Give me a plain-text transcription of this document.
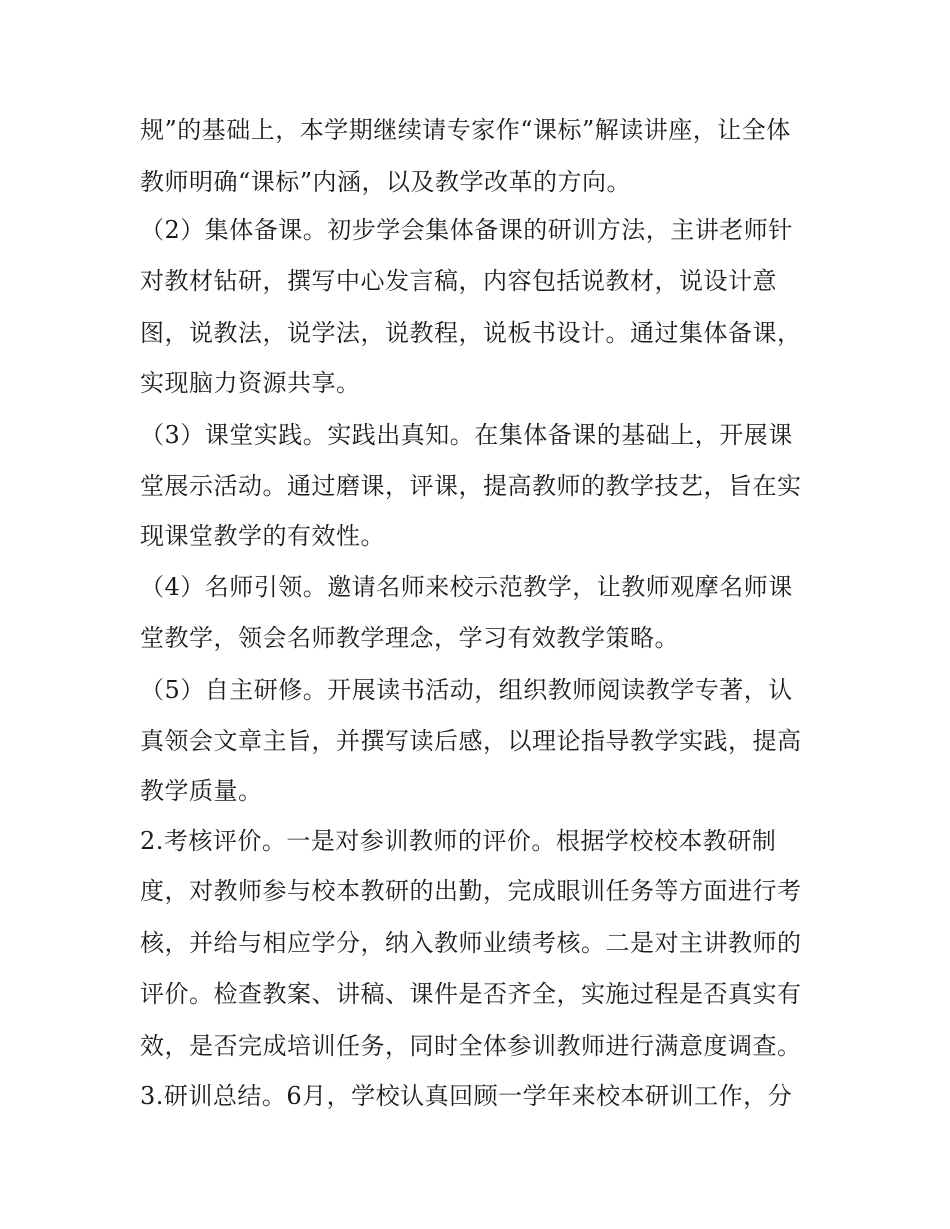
规”的基础上，本学期继续请专家作“课标”解读讲座，让全体
教师明确“课标”内涵，以及教学改革的方向。
（2）集体备课。初步学会集体备课的研训方法，主讲老师针
对教材钻研，撰写中心发言稿，内容包括说教材，说设计意
图，说教法，说学法，说教程，说板书设计。通过集体备课，
实现脑力资源共享。
（3）课堂实践。实践出真知。在集体备课的基础上，开展课
堂展示活动。通过磨课，评课，提高教师的教学技艺，旨在实
现课堂教学的有效性。
（4）名师引领。邀请名师来校示范教学，让教师观摩名师课
堂教学，领会名师教学理念，学习有效教学策略。
（5）自主研修。开展读书活动，组织教师阅读教学专著，认
真领会文章主旨，并撰写读后感，以理论指导教学实践，提高
教学质量。
2.考核评价。一是对参训教师的评价。根据学校校本教研制
度，对教师参与校本教研的出勤，完成眼训任务等方面进行考
核，并给与相应学分，纳入教师业绩考核。二是对主讲教师的
评价。检查教案、讲稿、课件是否齐全，实施过程是否真实有
效，是否完成培训任务，同时全体参训教师进行满意度调查。
3.研训总结。6月，学校认真回顾一学年来校本研训工作，分
